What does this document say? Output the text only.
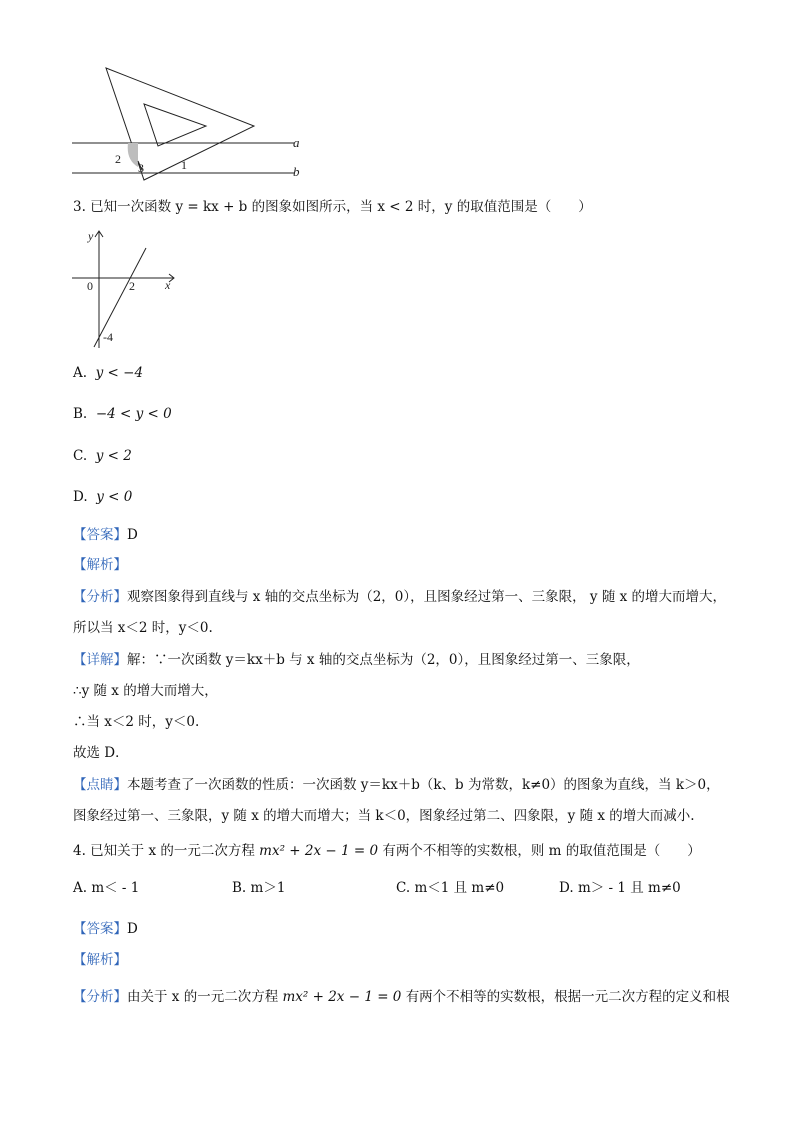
a
b
2
3	1
3. 已知一次函数 y = kx + b 的图象如图所示，当 x < 2 时，y 的取值范围是（　　）
y
x
0	2
-4
A. y < −4
B. −4 < y < 0
C. y < 2
D. y < 0
【答案】D
【解析】
【分析】观察图象得到直线与 x 轴的交点坐标为（2，0），且图象经过第一、三象限， y 随 x 的增大而增大，
所以当 x＜2 时，y＜0.
【详解】解：∵一次函数 y＝kx＋b 与 x 轴的交点坐标为（2，0），且图象经过第一、三象限，
∴y 随 x 的增大而增大，
∴当 x＜2 时，y＜0.
故选 D．
【点睛】本题考查了一次函数的性质：一次函数 y＝kx＋b（k、b 为常数，k≠0）的图象为直线，当 k＞0，
图象经过第一、三象限，y 随 x 的增大而增大；当 k＜0，图象经过第二、四象限，y 随 x 的增大而减小.
4. 已知关于 x 的一元二次方程 mx² + 2x − 1 = 0 有两个不相等的实数根，则 m 的取值范围是（　　）
A. m＜ - 1	B. m＞1	C. m＜1 且 m≠0	D. m＞ - 1 且 m≠0
【答案】D
【解析】
【分析】由关于 x 的一元二次方程 mx² + 2x − 1 = 0 有两个不相等的实数根，根据一元二次方程的定义和根
